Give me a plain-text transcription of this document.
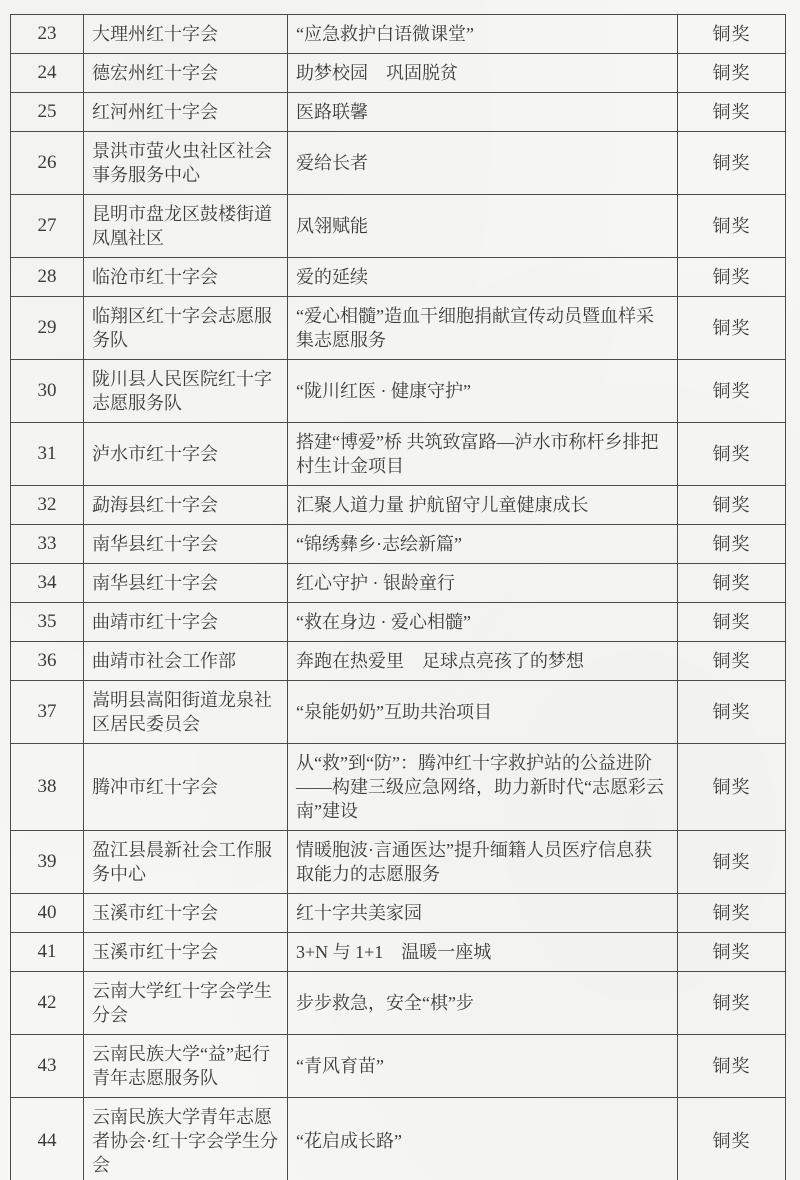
23	大理州红十字会	“应急救护白语微课堂”	铜奖
24	德宏州红十字会	助梦校园　巩固脱贫	铜奖
25	红河州红十字会	医路联馨	铜奖
26	景洪市萤火虫社区社会事务服务中心	爱给长者	铜奖
27	昆明市盘龙区鼓楼街道凤凰社区	凤翎赋能	铜奖
28	临沧市红十字会	爱的延续	铜奖
29	临翔区红十字会志愿服务队	“爱心相髓”造血干细胞捐献宣传动员暨血样采集志愿服务	铜奖
30	陇川县人民医院红十字志愿服务队	“陇川红医 · 健康守护”	铜奖
31	泸水市红十字会	搭建“博爱”桥 共筑致富路—泸水市称杆乡排把村生计金项目	铜奖
32	勐海县红十字会	汇聚人道力量 护航留守儿童健康成长	铜奖
33	南华县红十字会	“锦绣彝乡·志绘新篇”	铜奖
34	南华县红十字会	红心守护 · 银龄童行	铜奖
35	曲靖市红十字会	“救在身边 · 爱心相髓”	铜奖
36	曲靖市社会工作部	奔跑在热爱里　足球点亮孩了的梦想	铜奖
37	嵩明县嵩阳街道龙泉社区居民委员会	“泉能奶奶”互助共治项目	铜奖
38	腾冲市红十字会	从“救”到“防”：腾冲红十字救护站的公益进阶——构建三级应急网络，助力新时代“志愿彩云南”建设	铜奖
39	盈江县晨新社会工作服务中心	情暖胞波·言通医达”提升缅籍人员医疗信息获取能力的志愿服务	铜奖
40	玉溪市红十字会	红十字共美家园	铜奖
41	玉溪市红十字会	3+N 与 1+1　温暖一座城	铜奖
42	云南大学红十字会学生分会	步步救急，安全“棋”步	铜奖
43	云南民族大学“益”起行青年志愿服务队	“青风育苗”	铜奖
44	云南民族大学青年志愿者协会·红十字会学生分会	“花启成长路”	铜奖
